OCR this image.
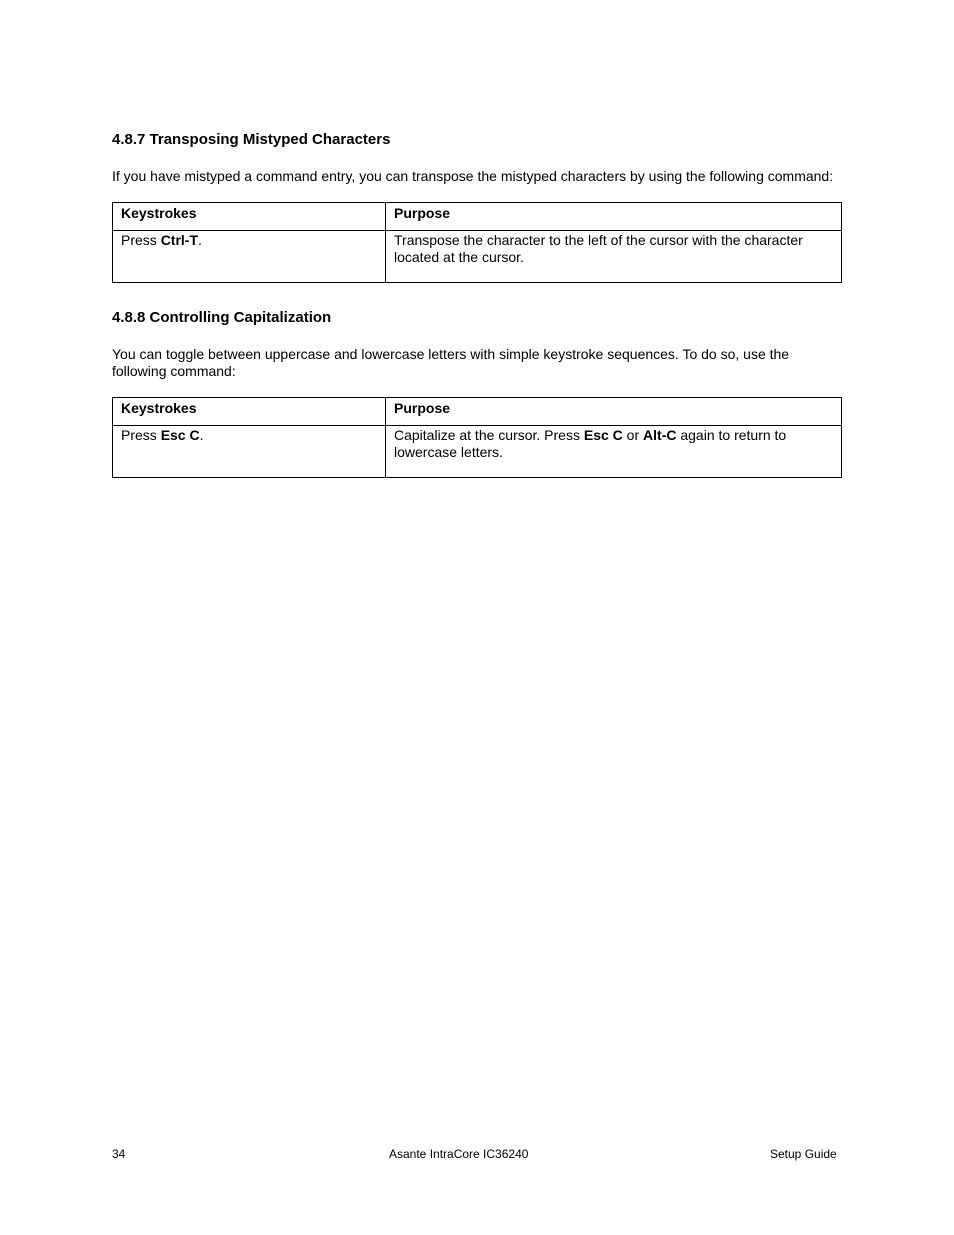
4.8.7 Transposing Mistyped Characters

If you have mistyped a command entry, you can transpose the mistyped characters by using the following command:

Keystrokes	Purpose
Press Ctrl-T.	Transpose the character to the left of the cursor with the character located at the cursor.
4.8.8 Controlling Capitalization

You can toggle between uppercase and lowercase letters with simple keystroke sequences. To do so, use the following command:

Keystrokes	Purpose
Press Esc C.	Capitalize at the cursor. Press Esc C or Alt-C again to return to lowercase letters.
34	Asante IntraCore IC36240	Setup Guide
